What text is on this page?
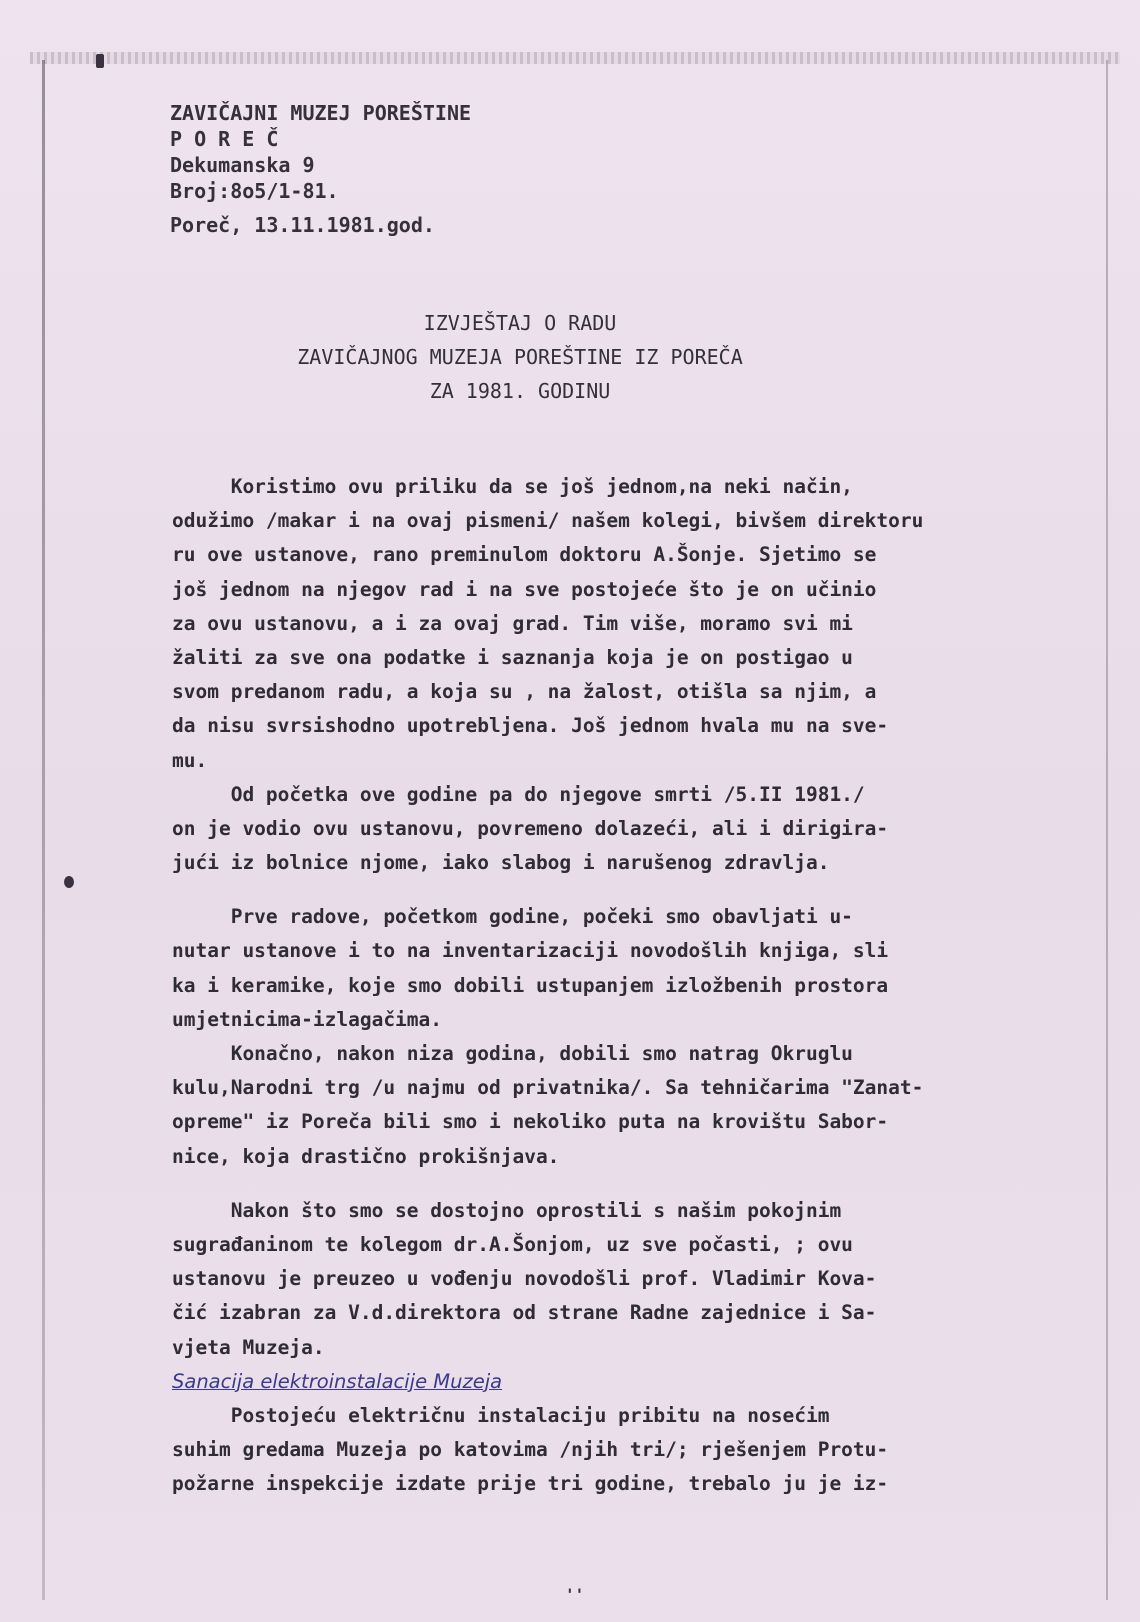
ZAVIČAJNI MUZEJ POREŠTINE
P O R E Č
Dekumanska 9
Broj:8o5/1-81.
Poreč, 13.11.1981.god.
IZVJEŠTAJ O RADU
ZAVIČAJNOG MUZEJA POREŠTINE IZ POREČA
ZA 1981. GODINU
Koristimo ovu priliku da se još jednom,na neki način,
odužimo /makar i na ovaj pismeni/ našem kolegi, bivšem direktoru
ru ove ustanove, rano preminulom doktoru A.Šonje. Sjetimo se
još jednom na njegov rad i na sve postojeće što je on učinio
za ovu ustanovu, a i za ovaj grad. Tim više, moramo svi mi
žaliti za sve ona podatke i saznanja koja je on postigao u
svom predanom radu, a koja su , na žalost, otišla sa njim, a
da nisu svrsishodno upotrebljena. Još jednom hvala mu na sve-
mu.
Od početka ove godine pa do njegove smrti /5.II 1981./
on je vodio ovu ustanovu, povremeno dolazeći, ali i dirigira-
jući iz bolnice njome, iako slabog i narušenog zdravlja.
Prve radove, početkom godine, počeki smo obavljati u-
nutar ustanove i to na inventarizaciji novodošlih knjiga, sli
ka i keramike, koje smo dobili ustupanjem izložbenih prostora
umjetnicima-izlagačima.
Konačno, nakon niza godina, dobili smo natrag Okruglu
kulu,Narodni trg /u najmu od privatnika/. Sa tehničarima "Zanat-
opreme" iz Poreča bili smo i nekoliko puta na krovištu Sabor-
nice, koja drastično prokišnjava.
Nakon što smo se dostojno oprostili s našim pokojnim
sugrađaninom te kolegom dr.A.Šonjom, uz sve počasti, ; ovu
ustanovu je preuzeo u vođenju novodošli prof. Vladimir Kova-
čić izabran za V.d.direktora od strane Radne zajednice i Sa-
vjeta Muzeja.
Sanacija elektroinstalacije Muzeja
Postojeću električnu instalaciju pribitu na nosećim
suhim gredama Muzeja po katovima /njih tri/; rješenjem Protu-
požarne inspekcije izdate prije tri godine, trebalo ju je iz-
''
